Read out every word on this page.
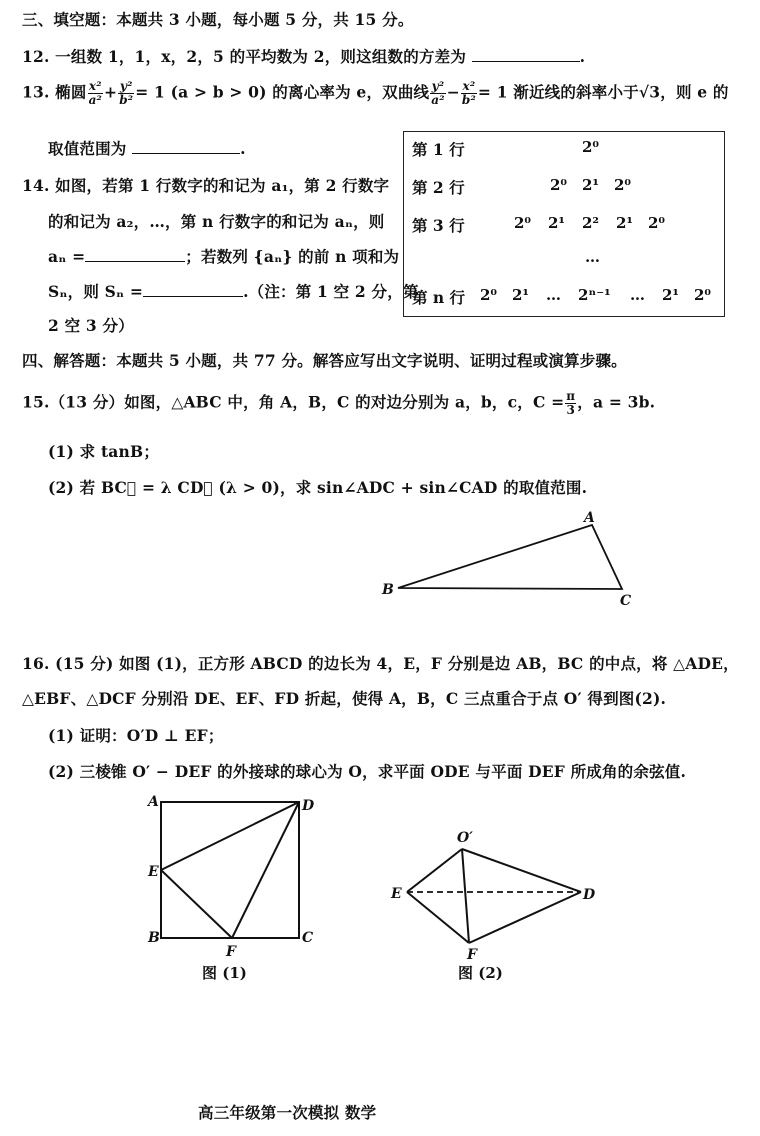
三、填空题：本题共 3 小题，每小题 5 分，共 15 分。
12. 一组数 1，1，x，2，5 的平均数为 2，则这组数的方差为	.
13. 椭圆 $\frac{\text{x²}}{\text{a²}} + \frac{\text{y²}}{\text{b²}} = 1$ (a > b > 0) 的离心率为 e，双曲线 $\frac{\text{y²}}{\text{a²}} - \frac{\text{x²}}{\text{b²}} = 1$ 渐近线的斜率小于√3，则 e 的
取值范围为	.
14. 如图，若第 1 行数字的和记为 a₁，第 2 行数字
的和记为 a₂，…，第 n 行数字的和记为 aₙ，则
aₙ =	；若数列 {aₙ} 的前 n 项和为
Sₙ，则 Sₙ =	.（注：第 1 空 2 分，第
2 空 3 分）
第 1 行	2⁰
第 2 行	2⁰ 2¹ 2⁰
第 3 行	2⁰ 2¹ 2² 2¹ 2⁰
…
第 n 行 2⁰ 2¹ … 2ⁿ⁻¹ … 2¹ 2⁰
四、解答题：本题共 5 小题，共 77 分。解答应写出文字说明、证明过程或演算步骤。
15.（13 分）如图，△ABC 中，角 A，B，C 的对边分别为 a，b，c，$C = \frac{\pi}{3}$ ，a = 3b.
(1) 求 tanB；
(2) 若 BC⃗ = λ CD⃗ (λ > 0)，求 sin∠ADC + sin∠CAD 的取值范围.
A
B
C
16. (15 分) 如图 (1)，正方形 ABCD 的边长为 4，E，F 分别是边 AB，BC 的中点，将 △ADE，
△EBF、△DCF 分别沿 DE、EF、FD 折起，使得 A，B，C 三点重合于点 O′ 得到图(2).
(1) 证明：O′D ⊥ EF；
(2) 三棱锥 O′ − DEF 的外接球的球心为 O，求平面 ODE 与平面 DEF 所成角的余弦值.
A	D
E
B	C
F
图 (1)
O′
E	D
F
图 (2)
高三年级第一次模拟 数学
